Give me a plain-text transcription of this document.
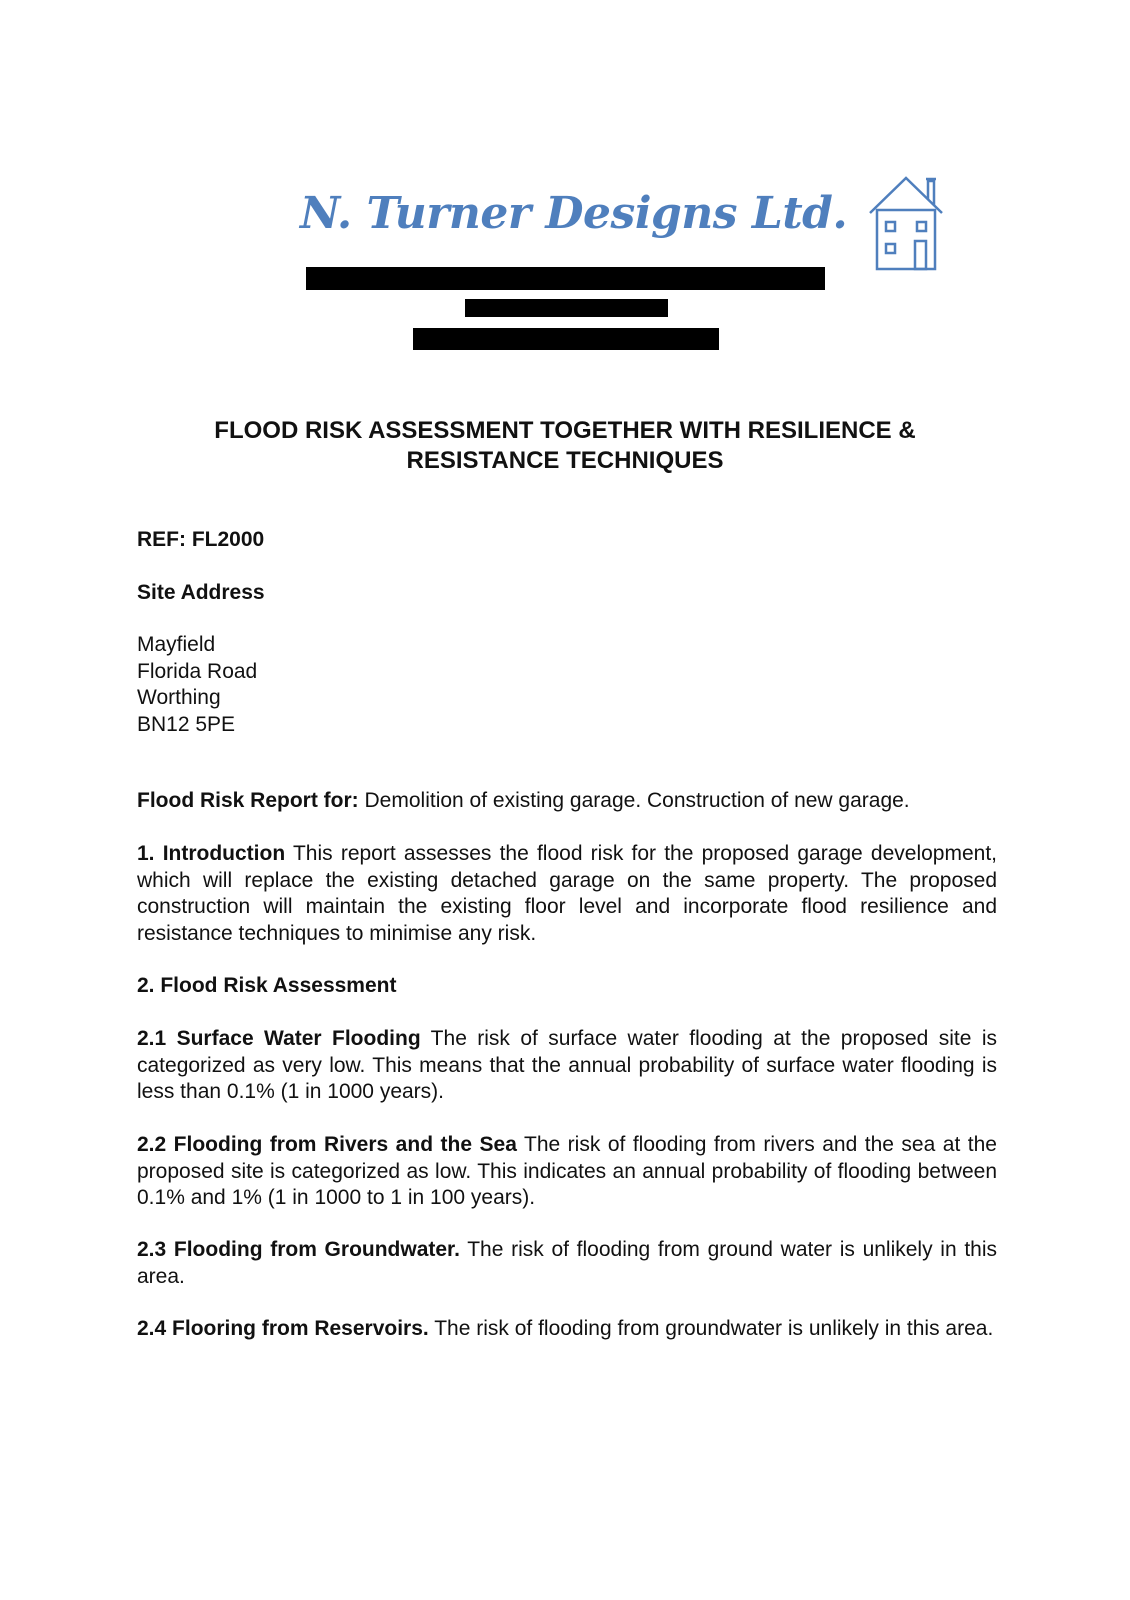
N. Turner Designs Ltd.
FLOOD RISK ASSESSMENT TOGETHER WITH RESILIENCE &
RESISTANCE TECHNIQUES

REF: FL2000

Site Address

Mayfield
Florida Road
Worthing
BN12 5PE

Flood Risk Report for: Demolition of existing garage. Construction of new garage.

1. Introduction This report assesses the flood risk for the proposed garage development, which will replace the existing detached garage on the same property. The proposed construction will maintain the existing floor level and incorporate flood resilience and resistance techniques to minimise any risk.

2. Flood Risk Assessment

2.1 Surface Water Flooding The risk of surface water flooding at the proposed site is categorized as very low. This means that the annual probability of surface water flooding is less than 0.1% (1 in 1000 years).

2.2 Flooding from Rivers and the Sea The risk of flooding from rivers and the sea at the proposed site is categorized as low. This indicates an annual probability of flooding between 0.1% and 1% (1 in 1000 to 1 in 100 years).

2.3 Flooding from Groundwater. The risk of flooding from ground water is unlikely in this area.

2.4 Flooring from Reservoirs. The risk of flooding from groundwater is unlikely in this area.
